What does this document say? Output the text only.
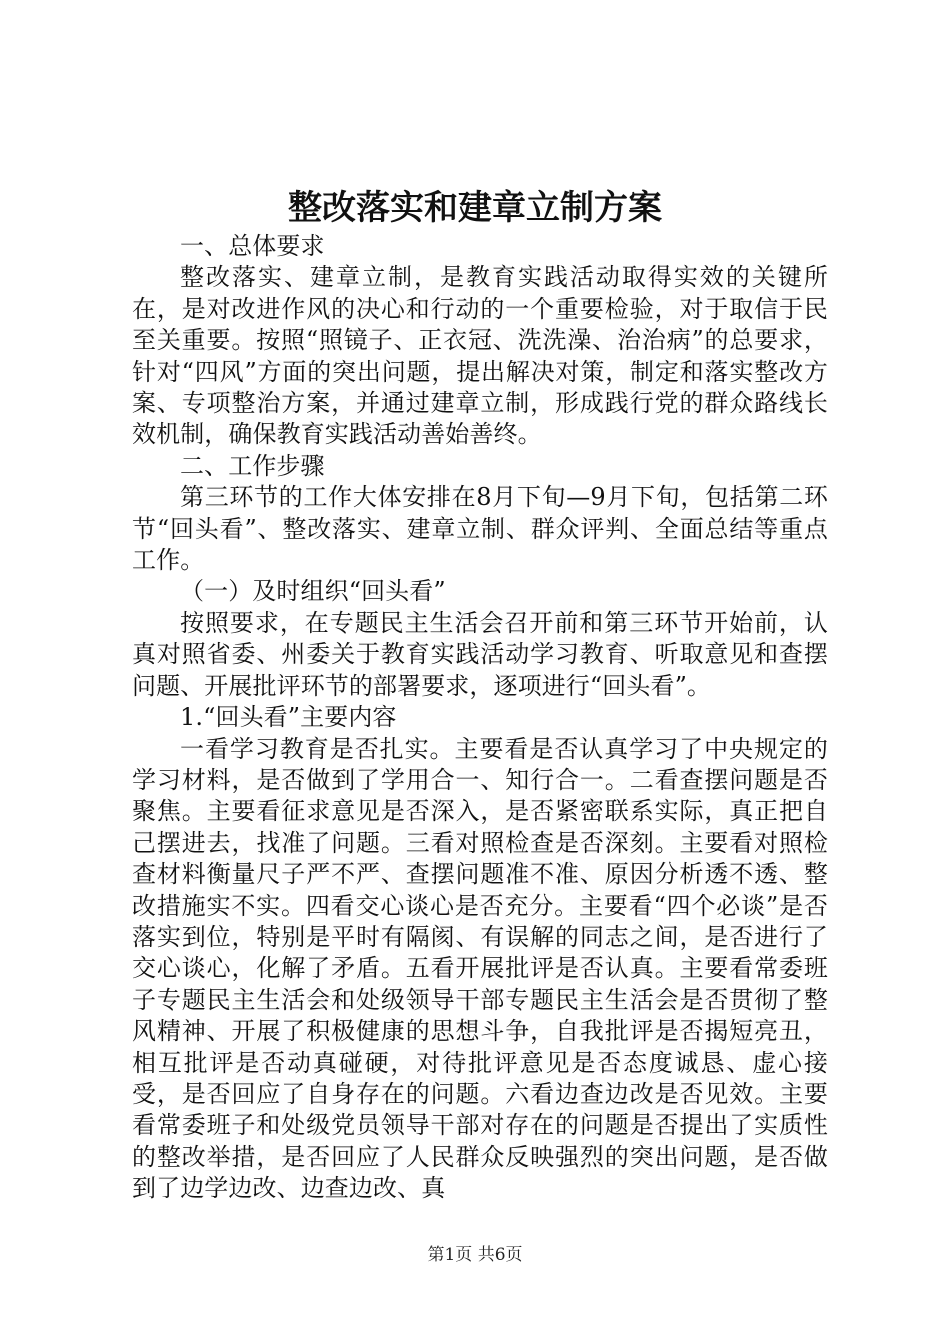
整改落实和建章立制方案

一、总体要求

整改落实、建章立制，是教育实践活动取得实效的关键所在，是对改进作风的决心和行动的一个重要检验，对于取信于民至关重要。按照“照镜子、正衣冠、洗洗澡、治治病”的总要求，针对“四风”方面的突出问题，提出解决对策，制定和落实整改方案、专项整治方案，并通过建章立制，形成践行党的群众路线长效机制，确保教育实践活动善始善终。

二、工作步骤

第三环节的工作大体安排在8月下旬—9月下旬，包括第二环节“回头看”、整改落实、建章立制、群众评判、全面总结等重点工作。

（一）及时组织“回头看”

按照要求，在专题民主生活会召开前和第三环节开始前，认真对照省委、州委关于教育实践活动学习教育、听取意见和查摆问题、开展批评环节的部署要求，逐项进行“回头看”。

1.“回头看”主要内容

一看学习教育是否扎实。主要看是否认真学习了中央规定的学习材料，是否做到了学用合一、知行合一。二看查摆问题是否聚焦。主要看征求意见是否深入，是否紧密联系实际，真正把自己摆进去，找准了问题。三看对照检查是否深刻。主要看对照检查材料衡量尺子严不严、查摆问题准不准、原因分析透不透、整改措施实不实。四看交心谈心是否充分。主要看“四个必谈”是否落实到位，特别是平时有隔阂、有误解的同志之间，是否进行了交心谈心，化解了矛盾。五看开展批评是否认真。主要看常委班子专题民主生活会和处级领导干部专题民主生活会是否贯彻了整风精神、开展了积极健康的思想斗争，自我批评是否揭短亮丑，相互批评是否动真碰硬，对待批评意见是否态度诚恳、虚心接受，是否回应了自身存在的问题。六看边查边改是否见效。主要看常委班子和处级党员领导干部对存在的问题是否提出了实质性的整改举措，是否回应了人民群众反映强烈的突出问题，是否做到了边学边改、边查边改、真

第1页 共6页
